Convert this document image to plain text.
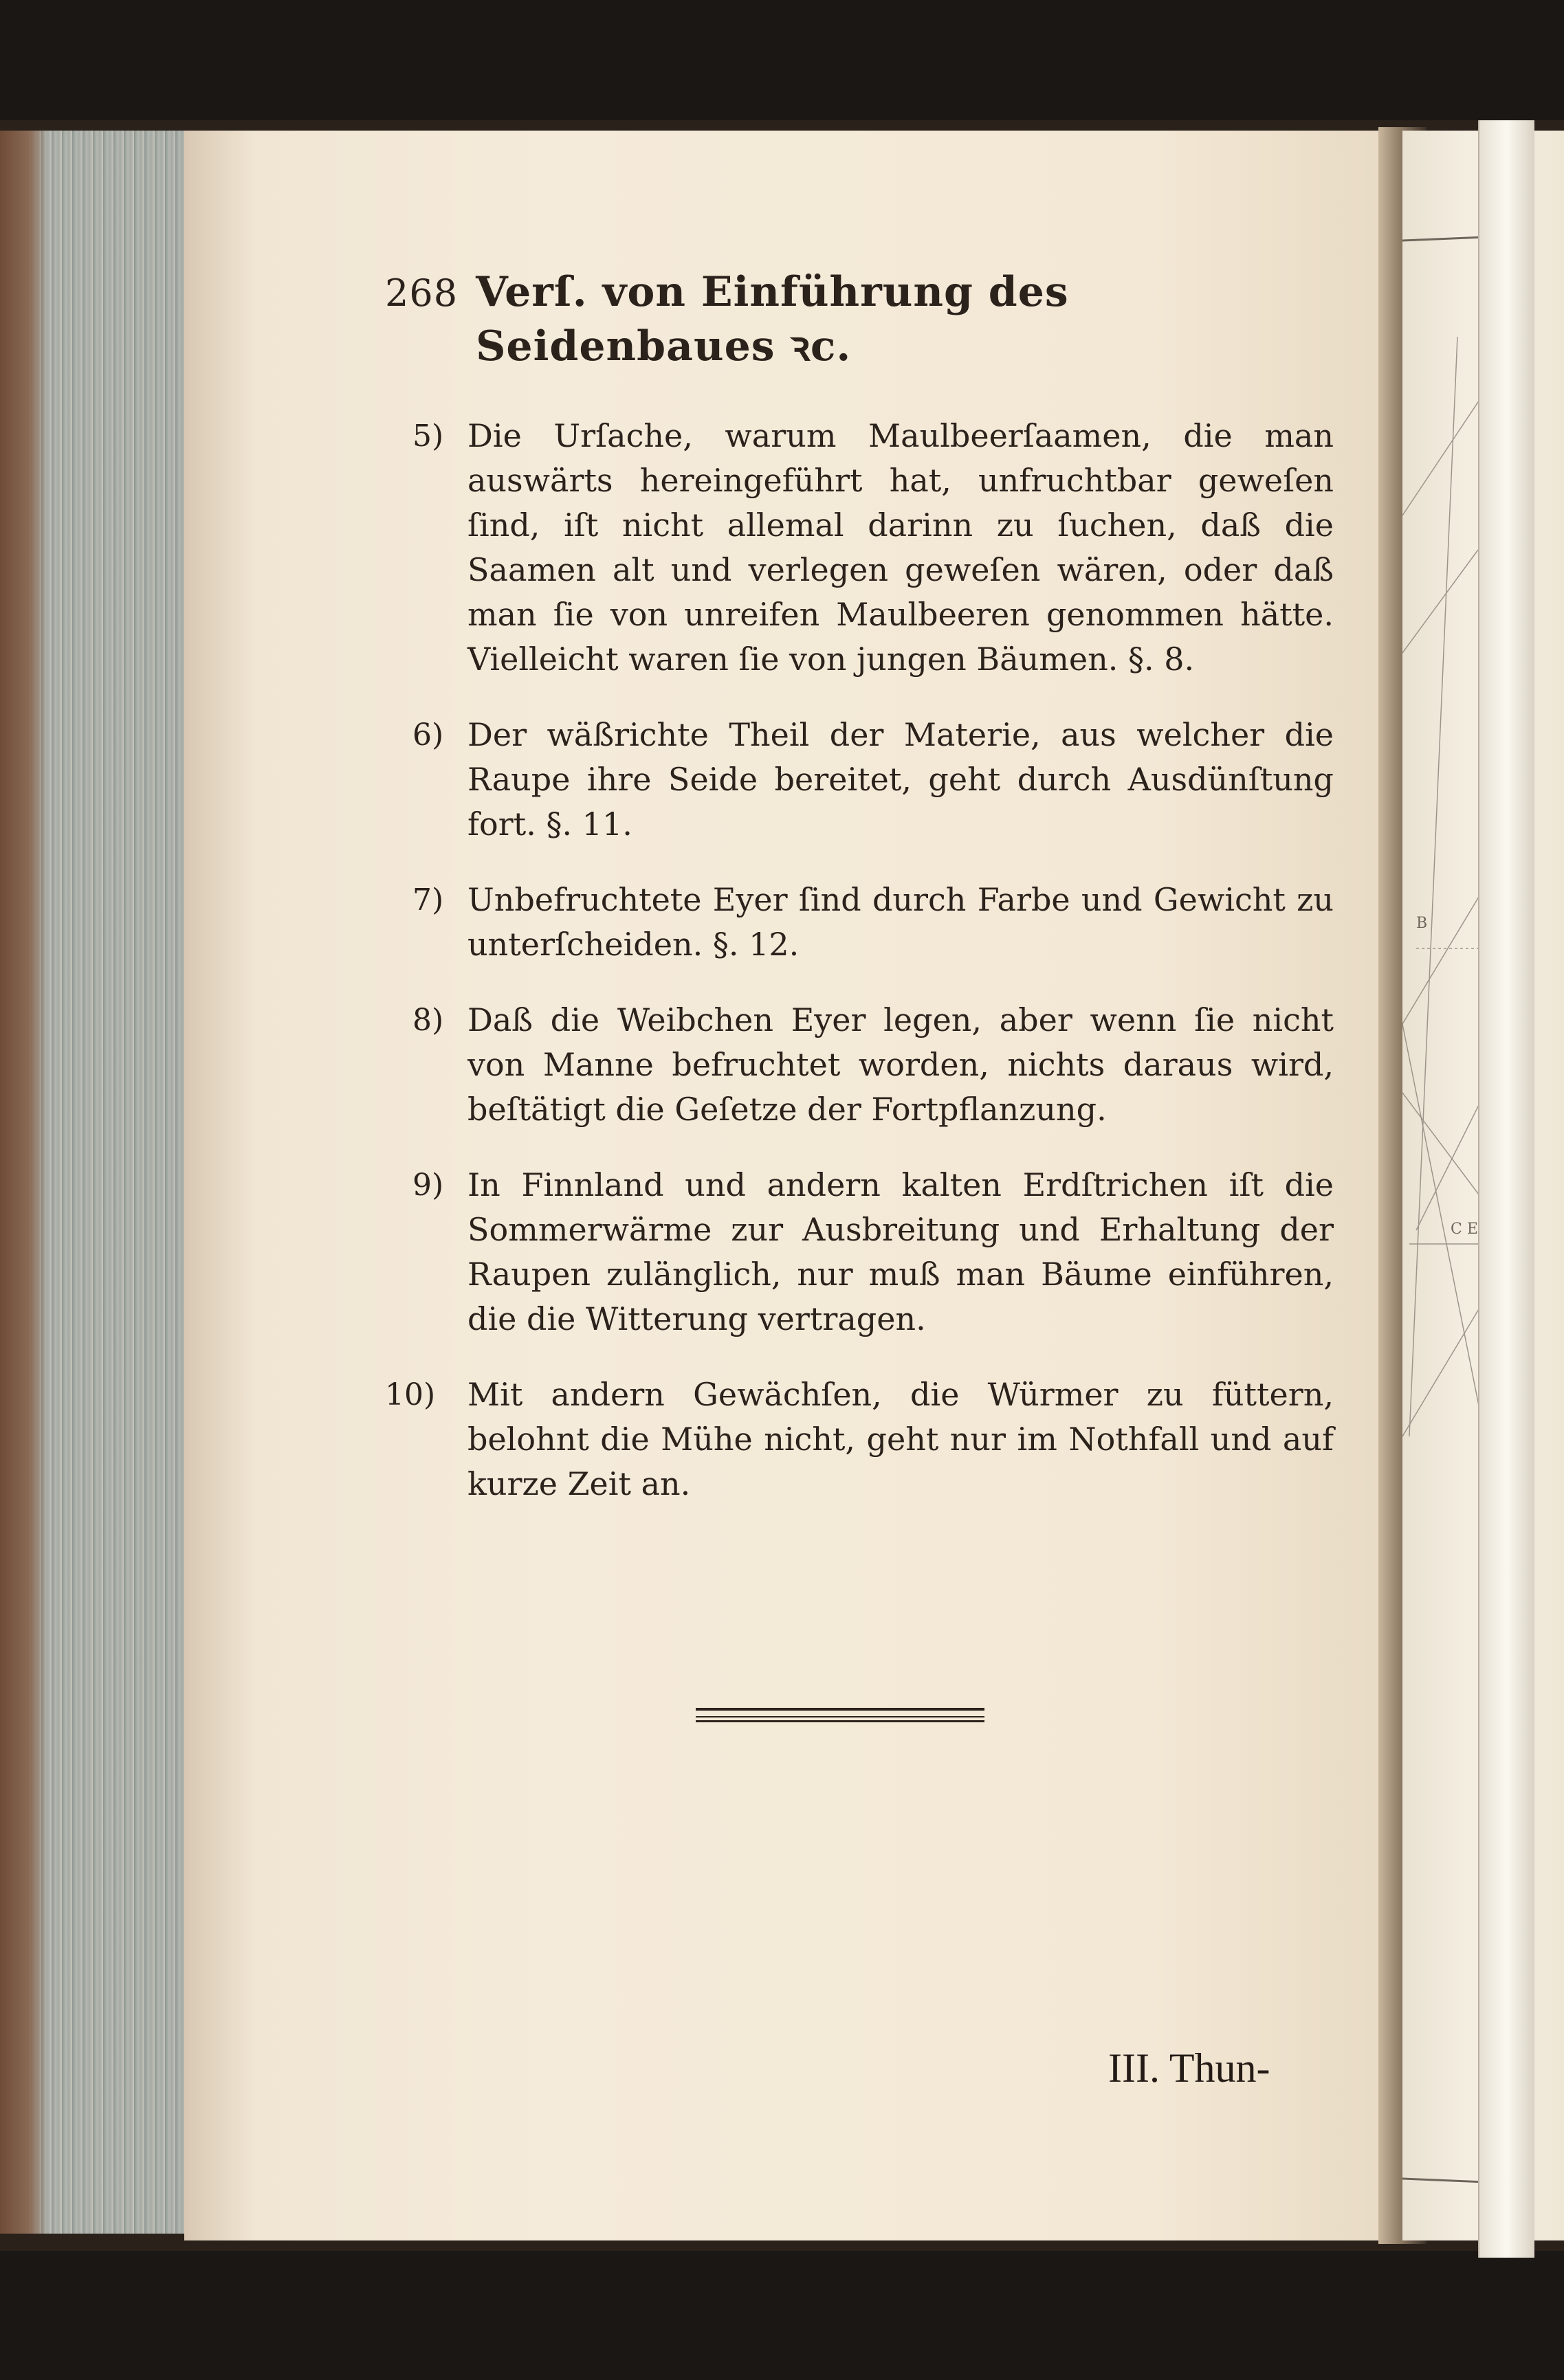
B
C E
268 Verſ. von Einführung des Seidenbaues ꝛc.
5) Die Urſache, warum Maulbeerſaamen, die man auswärts hereingeführt hat, unfruchtbar geweſen ſind, iſt nicht allemal darinn zu ſuchen, daß die Saamen alt und verlegen geweſen wären, oder daß man ſie von unreifen Maulbeeren genommen hätte. Vielleicht waren ſie von jungen Bäumen. §. 8.
6) Der wäßrichte Theil der Materie, aus welcher die Raupe ihre Seide bereitet, geht durch Ausdünſtung fort. §. 11.
7) Unbefruchtete Eyer ſind durch Farbe und Gewicht zu unterſcheiden. §. 12.
8) Daß die Weibchen Eyer legen, aber wenn ſie nicht von Manne befruchtet worden, nichts daraus wird, beſtätigt die Geſetze der Fortpflanzung.
9) In Finnland und andern kalten Erdſtrichen iſt die Sommerwärme zur Ausbreitung und Erhaltung der Raupen zulänglich, nur muß man Bäume einführen, die die Witterung vertragen.
10) Mit andern Gewächſen, die Würmer zu füttern, belohnt die Mühe nicht, geht nur im Nothfall und auf kurze Zeit an.
III. Thun-
